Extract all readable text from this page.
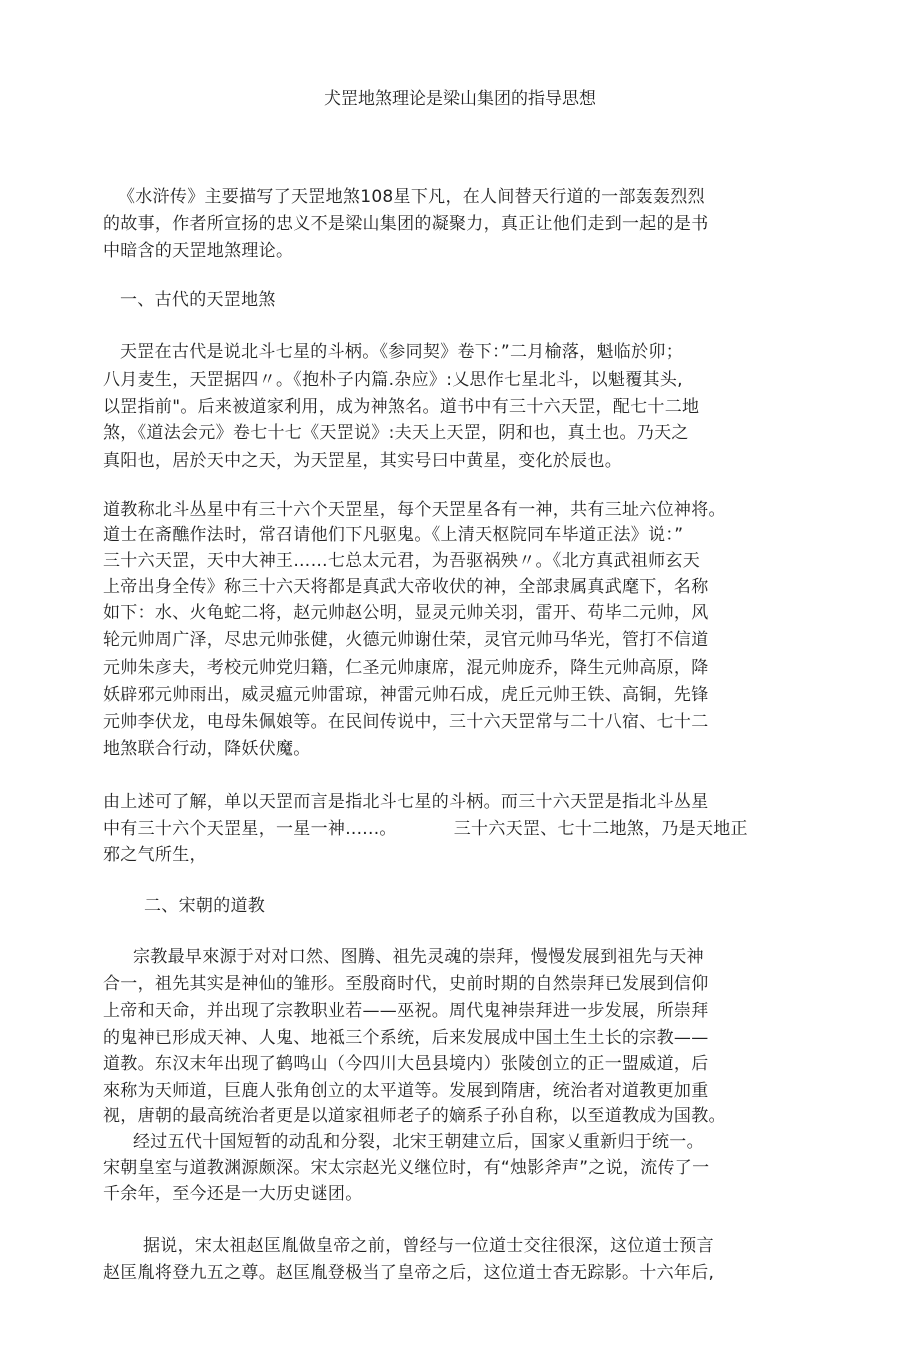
犬罡地煞理论是梁山集团的指导思想
《水浒传》主要描写了天罡地煞108星下凡，在人间替天行道的一部轰轰烈烈
的故事，作者所宣扬的忠义不是梁山集团的凝聚力，真正让他们走到一起的是书
中暗含的天罡地煞理论。
一、古代的天罡地煞
天罡在古代是说北斗七星的斗柄。《参同契》卷下：”二月榆落，魁临於卯；
八月麦生，天罡据四〃。《抱朴子内篇.杂应》:乂思作七星北斗，以魁覆其头,
以罡指前"。后来被道家利用，成为神煞名。道书中有三十六天罡，配七十二地
煞，《道法会元》卷七十七《天罡说》:夫天上天罡，阴和也，真土也。乃天之
真阳也，居於天中之天，为天罡星，其实号曰中黄星，变化於辰也。
道教称北斗丛星中有三十六个天罡星，每个天罡星各有一神，共有三址六位神将。
道士在斋醮作法时，常召请他们下凡驱鬼。《上清天枢院同车毕道正法》说：”
三十六天罡，天中大神王……七总太元君，为吾驱祸殃〃。《北方真武祖师玄天
上帝出身全传》称三十六天将都是真武大帝收伏的神，全部隶属真武麾下，名称
如下：水、火龟蛇二将，赵元帅赵公明，显灵元帅关羽，雷开、苟毕二元帅，风
轮元帅周广泽，尽忠元帅张健，火德元帅谢仕荣，灵官元帅马华光，管打不信道
元帅朱彦夫，考校元帅党归籍，仁圣元帅康席，混元帅庞乔，降生元帅高原，降
妖辟邪元帅雨出，威灵瘟元帅雷琼，神雷元帅石成，虎丘元帅王铁、高铜，先锋
元帅李伏龙，电母朱佩娘等。在民间传说中，三十六天罡常与二十八宿、七十二
地煞联合行动，降妖伏魔。
由上述可了解，单以天罡而言是指北斗七星的斗柄。而三十六天罡是指北斗丛星
中有三十六个天罡星，一星一神......。          三十六天罡、七十二地煞，乃是天地正
邪之气所生，
二、宋朝的道教
宗教最早來源于对对口然、图腾、祖先灵魂的崇拜，慢慢发展到祖先与天神
合一，祖先其实是神仙的雏形。至殷商时代，史前时期的自然崇拜已发展到信仰
上帝和天命，并出现了宗教职业若——巫祝。周代鬼神崇拜进一步发展，所崇拜
的鬼神已形成天神、人鬼、地祗三个系统，后来发展成中国土生土长的宗教——
道教。东汉末年出现了鹤鸣山（今四川大邑县境内）张陵创立的正一盟威道，后
來称为天师道，巨鹿人张角创立的太平道等。发展到隋唐，统治者对道教更加重
视，唐朝的最高统治者更是以道家祖师老子的嫡系子孙自称，以至道教成为国教。
经过五代十国短暂的动乱和分裂，北宋王朝建立后，国家乂重新归于统一。
宋朝皇室与道教渊源颇深。宋太宗赵光义继位时，有“烛影斧声”之说，流传了一
千余年，至今还是一大历史谜团。
据说，宋太祖赵匡胤做皇帝之前，曾经与一位道士交往很深，这位道士预言
赵匡胤将登九五之尊。赵匡胤登极当了皇帝之后，这位道士杳无踪影。十六年后,
